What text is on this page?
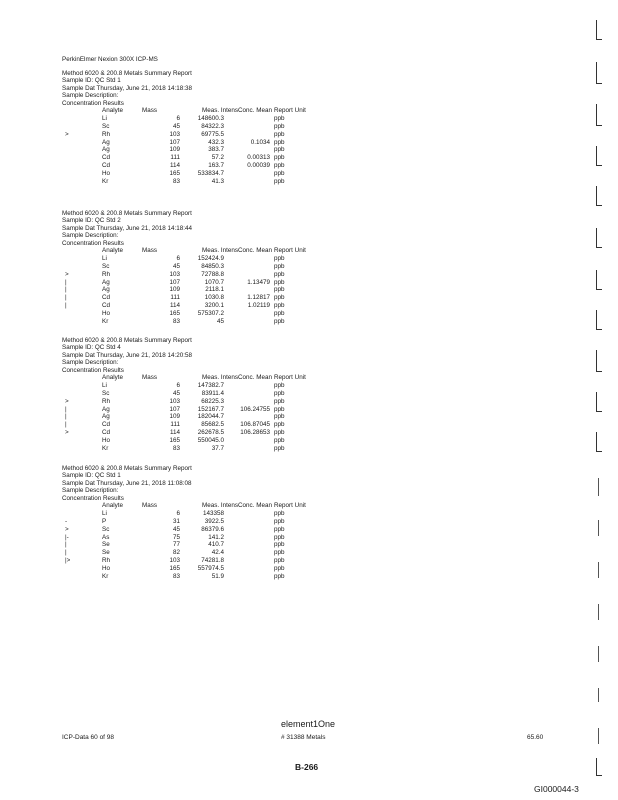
PerkinElmer Nexion 300X ICP-MS
Method 6020 & 200.8 Metals Summary Report
Sample ID: QC Std 1
Sample Dat Thursday, June 21, 2018 14:18:38
Sample Description:
Concentration Results
Analyte	Mass	Meas. Intens Conc. Mean Report Unit
Li	6	148600.3	ppb
Sc	45	84322.3	ppb
>	Rh	103	69775.5	ppb
Ag	107	432.3	0.1034 ppb
Ag	109	383.7	ppb
Cd	111	57.2	0.00313 ppb
Cd	114	163.7	0.00039 ppb
Ho	165	533834.7	ppb
Kr	83	41.3	ppb
Method 6020 & 200.8 Metals Summary Report
Sample ID: QC Std 2
Sample Dat Thursday, June 21, 2018 14:18:44
Sample Description:
Concentration Results
Analyte	Mass	Meas. Intens Conc. Mean Report Unit
Li	6	152424.9	ppb
Sc	45	84850.3	ppb
>	Rh	103	72788.8	ppb
|	Ag	107	1070.7	1.13479 ppb
|	Ag	109	2118.1	ppb
|	Cd	111	1030.8	1.12817 ppb
|	Cd	114	3200.1	1.02119 ppb
Ho	165	575307.2	ppb
Kr	83	45	ppb
Method 6020 & 200.8 Metals Summary Report
Sample ID: QC Std 4
Sample Dat Thursday, June 21, 2018 14:20:58
Sample Description:
Concentration Results
Analyte	Mass	Meas. Intens Conc. Mean Report Unit
Li	6	147382.7	ppb
Sc	45	83911.4	ppb
>	Rh	103	68225.3	ppb
|	Ag	107	152167.7	106.24755 ppb
|	Ag	109	182044.7	ppb
|	Cd	111	85682.5	106.87045 ppb
>	Cd	114	262678.5	106.28653 ppb
Ho	165	550045.0	ppb
Kr	83	37.7	ppb
Method 6020 & 200.8 Metals Summary Report
Sample ID: QC Std 1
Sample Dat Thursday, June 21, 2018 11:08:08
Sample Description:
Concentration Results
Analyte	Mass	Meas. Intens Conc. Mean Report Unit
Li	6	143358	ppb
-	P	31	3922.5	ppb
>	Sc	45	86379.6	ppb
|-	As	75	141.2	ppb
|	Se	77	410.7	ppb
|	Se	82	42.4	ppb
|>	Rh	103	74281.8	ppb
Ho	165	557974.5	ppb
Kr	83	51.9	ppb
element1One
ICP-Data 60 of 98	# 31388 Metals	65.60
B-266
GI000044-3
